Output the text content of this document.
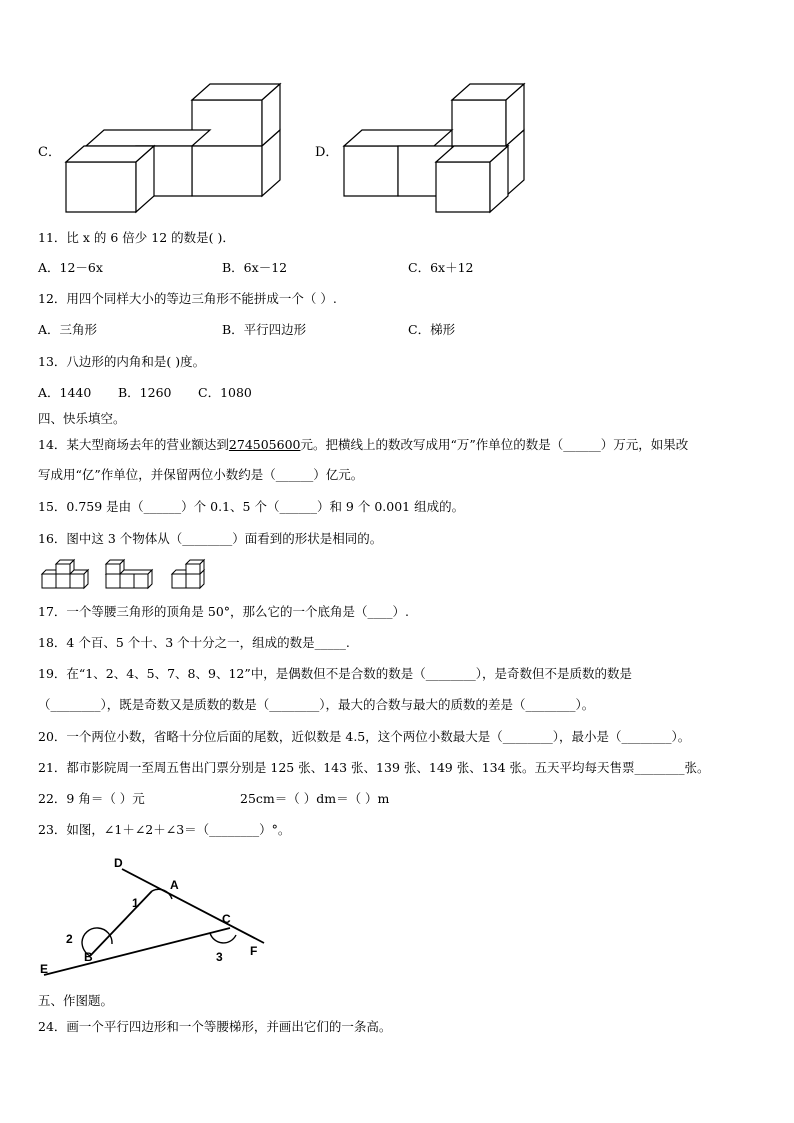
C．	D．
11．比 x 的 6 倍少 12 的数是( )．
A．12－6x	B．6x－12	C．6x＋12
12．用四个同样大小的等边三角形不能拼成一个（ ）.
A．三角形	B．平行四边形	C．梯形
13．八边形的内角和是( )度。
A．1440 B．1260 C．1080
四、快乐填空。
14．某大型商场去年的营业额达到274505600元。把横线上的数改写成用“万”作单位的数是（______）万元，如果改
写成用“亿”作单位，并保留两位小数约是（______）亿元。
15．0.759 是由（______）个 0.1、5 个（______）和 9 个 0.001 组成的。
16．图中这 3 个物体从（________）面看到的形状是相同的。
17．一个等腰三角形的顶角是 50°，那么它的一个底角是（____）.
18．4 个百、5 个十、3 个十分之一，组成的数是_____.
19．在“1、2、4、5、7、8、9、12”中，是偶数但不是合数的数是（________），是奇数但不是质数的数是
（________），既是奇数又是质数的数是（________），最大的合数与最大的质数的差是（________）。
20．一个两位小数，省略十分位后面的尾数，近似数是 4.5，这个两位小数最大是（________），最小是（________）。
21．都市影院周一至周五售出门票分别是 125 张、143 张、139 张、149 张、134 张。五天平均每天售票________张。
22．9 角＝（ ）元	25cm＝（ ）dm＝（ ）m
23．如图，∠1＋∠2＋∠3＝（________）°。
D
A
C
F
B
E
1
2
3
五、作图题。
24．画一个平行四边形和一个等腰梯形，并画出它们的一条高。
